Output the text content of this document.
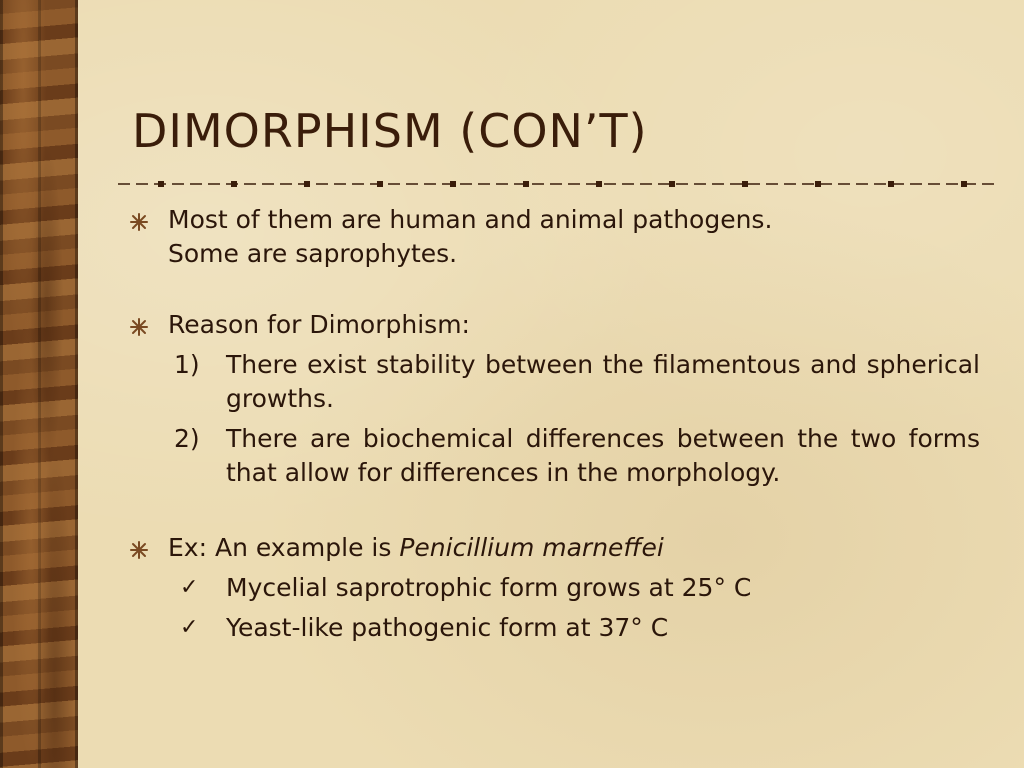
DIMORPHISM (CON’T)
Most of them are human and animal pathogens.
Some are saprophytes.
Reason for Dimorphism:
1) There exist stability between the filamentous and spherical growths.
2) There are biochemical differences between the two forms that allow for differences in the morphology.
Ex: An example is Penicillium marneffei
✓ Mycelial saprotrophic form grows at 25° C
✓ Yeast-like pathogenic form at 37° C
